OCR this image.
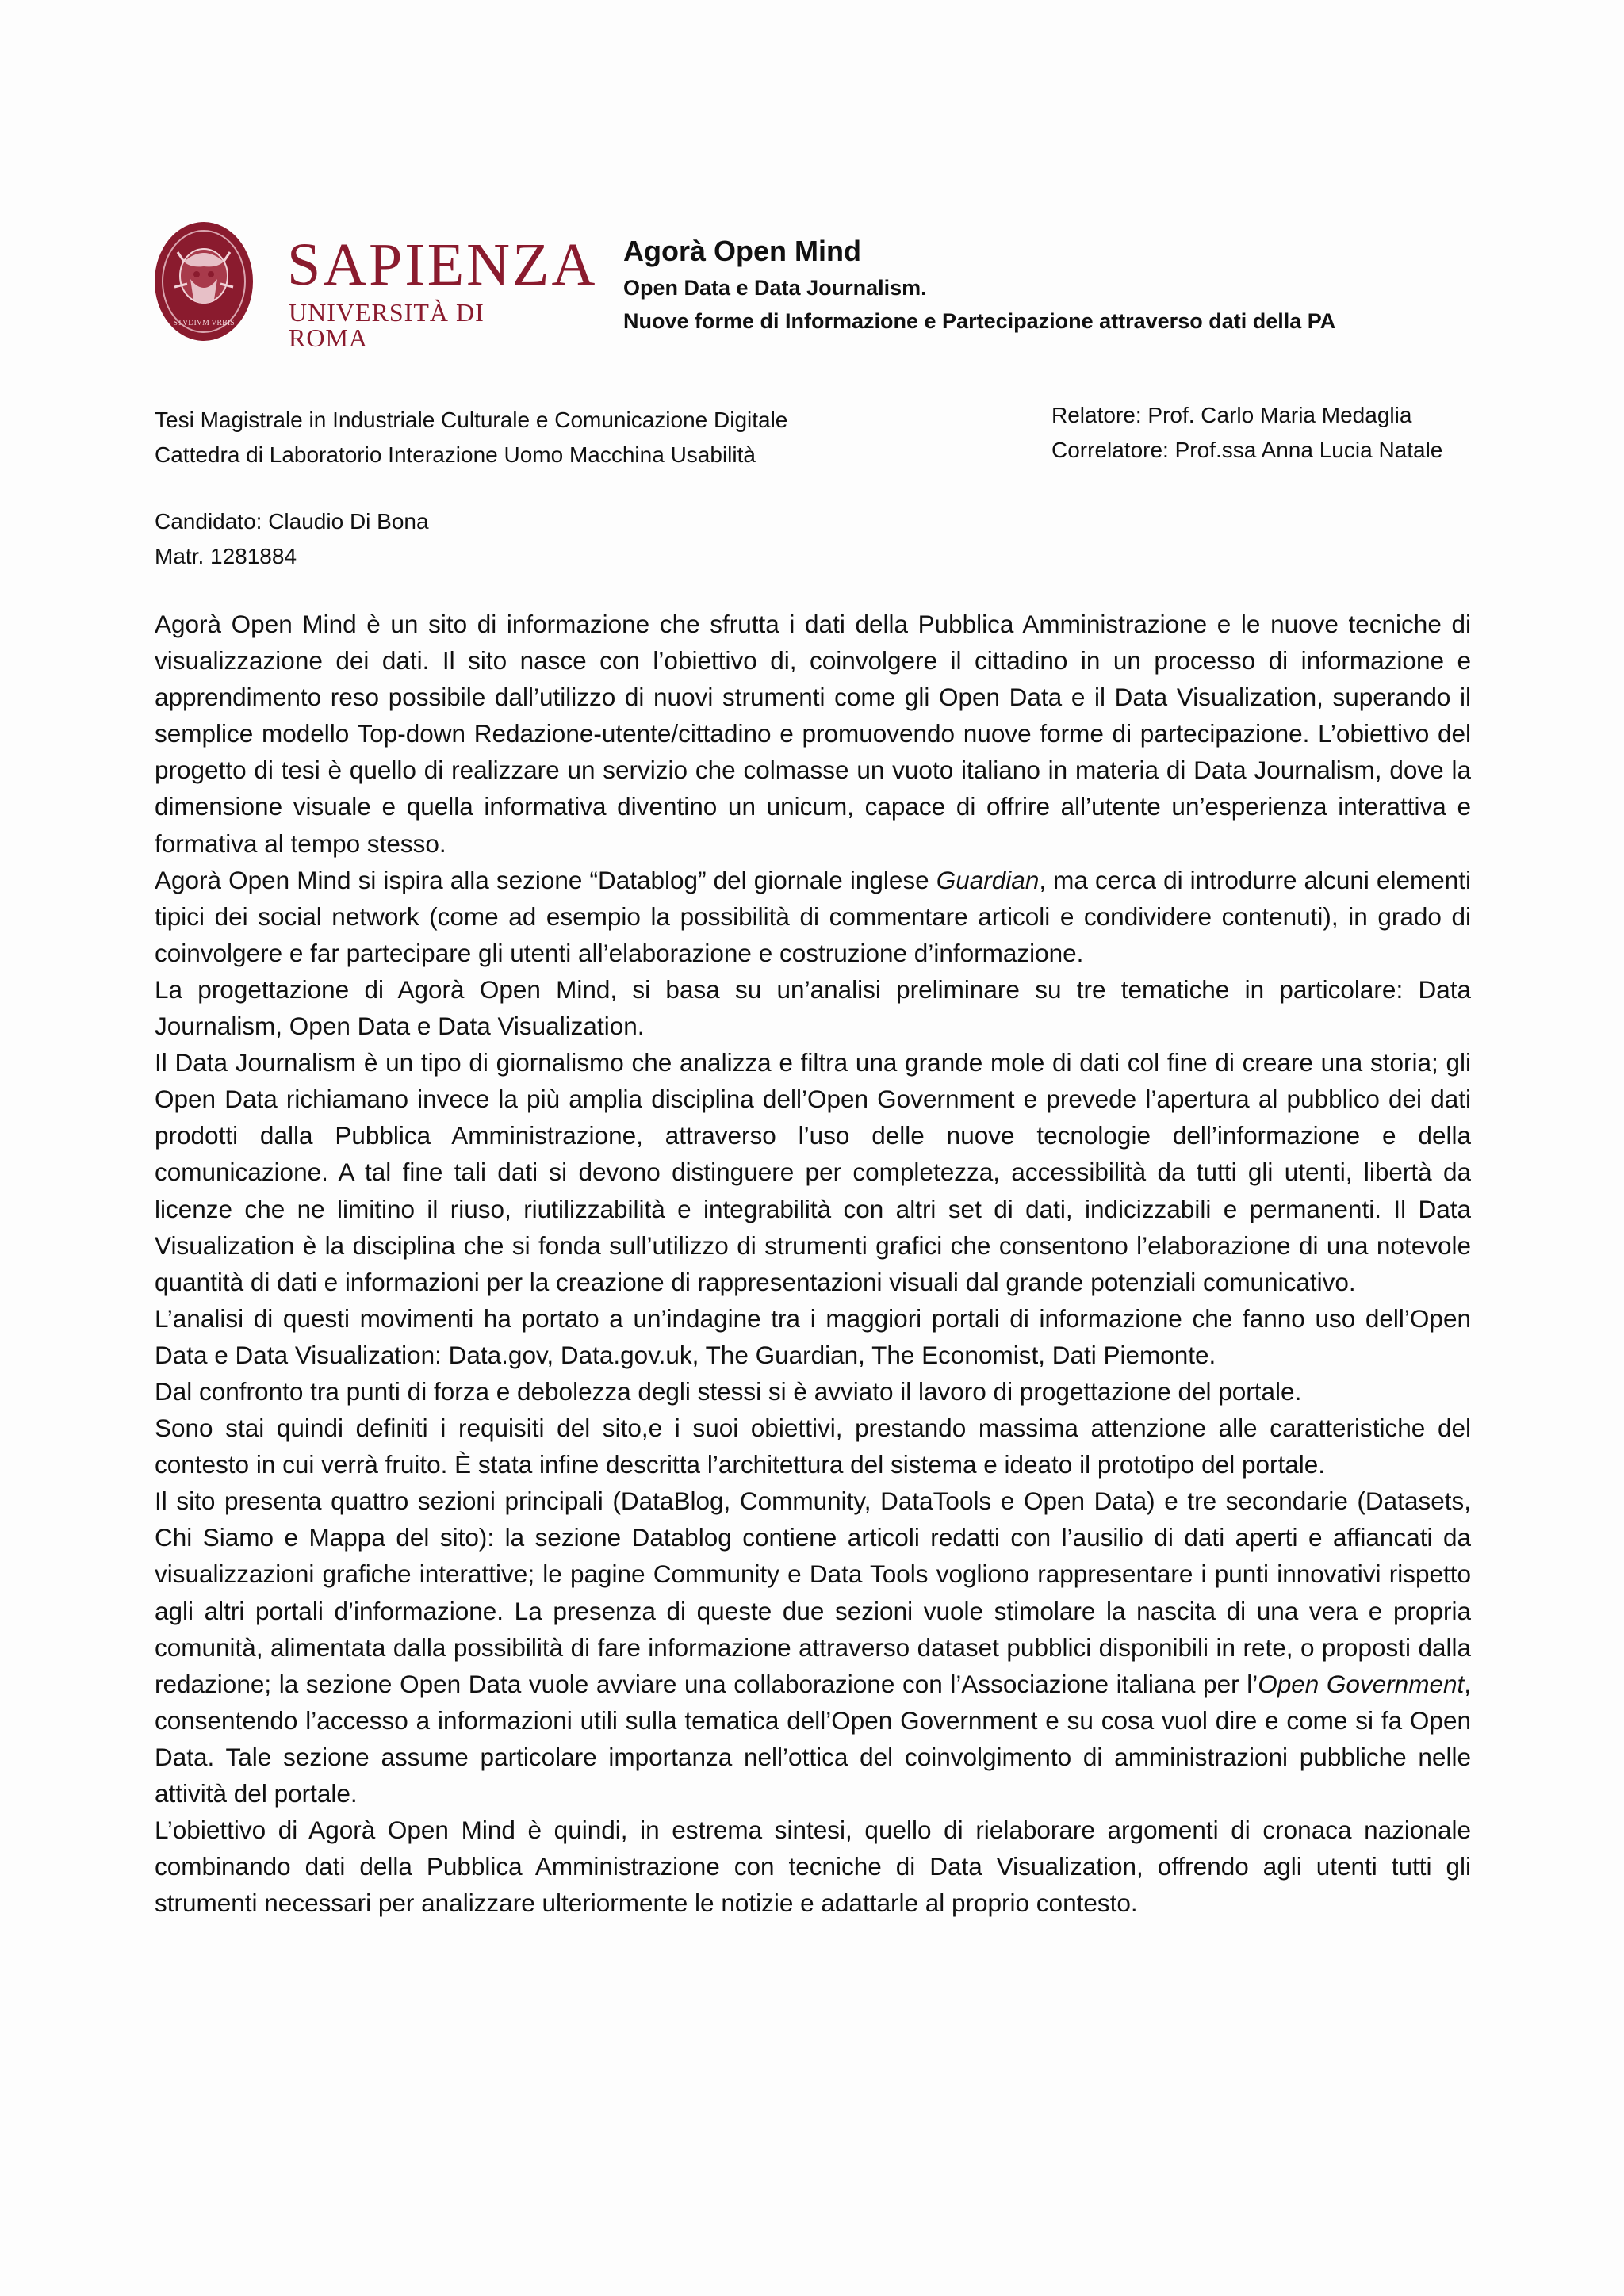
STVDIVM VRBIS
SAPIENZA
UNIVERSITÀ DI ROMA
Agorà Open Mind
Open Data e Data Journalism.
Nuove forme di Informazione e Partecipazione attraverso dati della PA
Tesi Magistrale in Industriale Culturale e Comunicazione Digitale
Cattedra di Laboratorio Interazione Uomo Macchina Usabilità
Relatore: Prof. Carlo Maria Medaglia
Correlatore: Prof.ssa Anna Lucia Natale
Candidato: Claudio Di Bona
Matr. 1281884

Agorà Open Mind è un sito di informazione che sfrutta i dati della Pubblica Amministrazione e le nuove tecniche di visualizzazione dei dati. Il sito nasce con l’obiettivo di, coinvolgere il cittadino in un processo di informazione e apprendimento reso possibile dall’utilizzo di nuovi strumenti come gli Open Data e il Data Visualization, superando il semplice modello Top-down Redazione-utente/cittadino e promuovendo nuove forme di partecipazione. L’obiettivo del progetto di tesi è quello di realizzare un servizio che colmasse un vuoto italiano in materia di Data Journalism, dove la dimensione visuale e quella informativa diventino un unicum, capace di offrire all’utente un’esperienza interattiva e formativa al tempo stesso.

Agorà Open Mind si ispira alla sezione “Datablog” del giornale inglese Guardian, ma cerca di introdurre alcuni elementi tipici dei social network (come ad esempio la possibilità di commentare articoli e condividere contenuti), in grado di coinvolgere e far partecipare gli utenti all’elaborazione e costruzione d’informazione.

La progettazione di Agorà Open Mind, si basa su un’analisi preliminare su tre tematiche in particolare: Data Journalism, Open Data e Data Visualization.

Il Data Journalism è un tipo di giornalismo che analizza e filtra una grande mole di dati col fine di creare una storia; gli Open Data richiamano invece la più amplia disciplina dell’Open Government e prevede l’apertura al pubblico dei dati prodotti dalla Pubblica Amministrazione, attraverso l’uso delle nuove tecnologie dell’informazione e della comunicazione. A tal fine tali dati si devono distinguere per completezza, accessibilità da tutti gli utenti, libertà da licenze che ne limitino il riuso, riutilizzabilità e integrabilità con altri set di dati, indicizzabili e permanenti. Il Data Visualization è la disciplina che si fonda sull’utilizzo di strumenti grafici che consentono l’elaborazione di una notevole quantità di dati e informazioni per la creazione di rappresentazioni visuali dal grande potenziali comunicativo.

L’analisi di questi movimenti ha portato a un’indagine tra i maggiori portali di informazione che fanno uso dell’Open Data e Data Visualization: Data.gov, Data.gov.uk, The Guardian, The Economist, Dati Piemonte.

Dal confronto tra punti di forza e debolezza degli stessi si è avviato il lavoro di progettazione del portale.

Sono stai quindi definiti i requisiti del sito,e i suoi obiettivi, prestando massima attenzione alle caratteristiche del contesto in cui verrà fruito. È stata infine descritta l’architettura del sistema e ideato il prototipo del portale.

Il sito presenta quattro sezioni principali (DataBlog, Community, DataTools e Open Data) e tre secondarie (Datasets, Chi Siamo e Mappa del sito): la sezione Datablog contiene articoli redatti con l’ausilio di dati aperti e affiancati da visualizzazioni grafiche interattive; le pagine Community e Data Tools vogliono rappresentare i punti innovativi rispetto agli altri portali d’informazione. La presenza di queste due sezioni vuole stimolare la nascita di una vera e propria comunità, alimentata dalla possibilità di fare informazione attraverso dataset pubblici disponibili in rete, o proposti dalla redazione; la sezione Open Data vuole avviare una collaborazione con l’Associazione italiana per l’Open Government, consentendo l’accesso a informazioni utili sulla tematica dell’Open Government e su cosa vuol dire e come si fa Open Data. Tale sezione assume particolare importanza nell’ottica del coinvolgimento di amministrazioni pubbliche nelle attività del portale.

L’obiettivo di Agorà Open Mind è quindi, in estrema sintesi, quello di rielaborare argomenti di cronaca nazionale combinando dati della Pubblica Amministrazione con tecniche di Data Visualization, offrendo agli utenti tutti gli strumenti necessari per analizzare ulteriormente le notizie e adattarle al proprio contesto.
